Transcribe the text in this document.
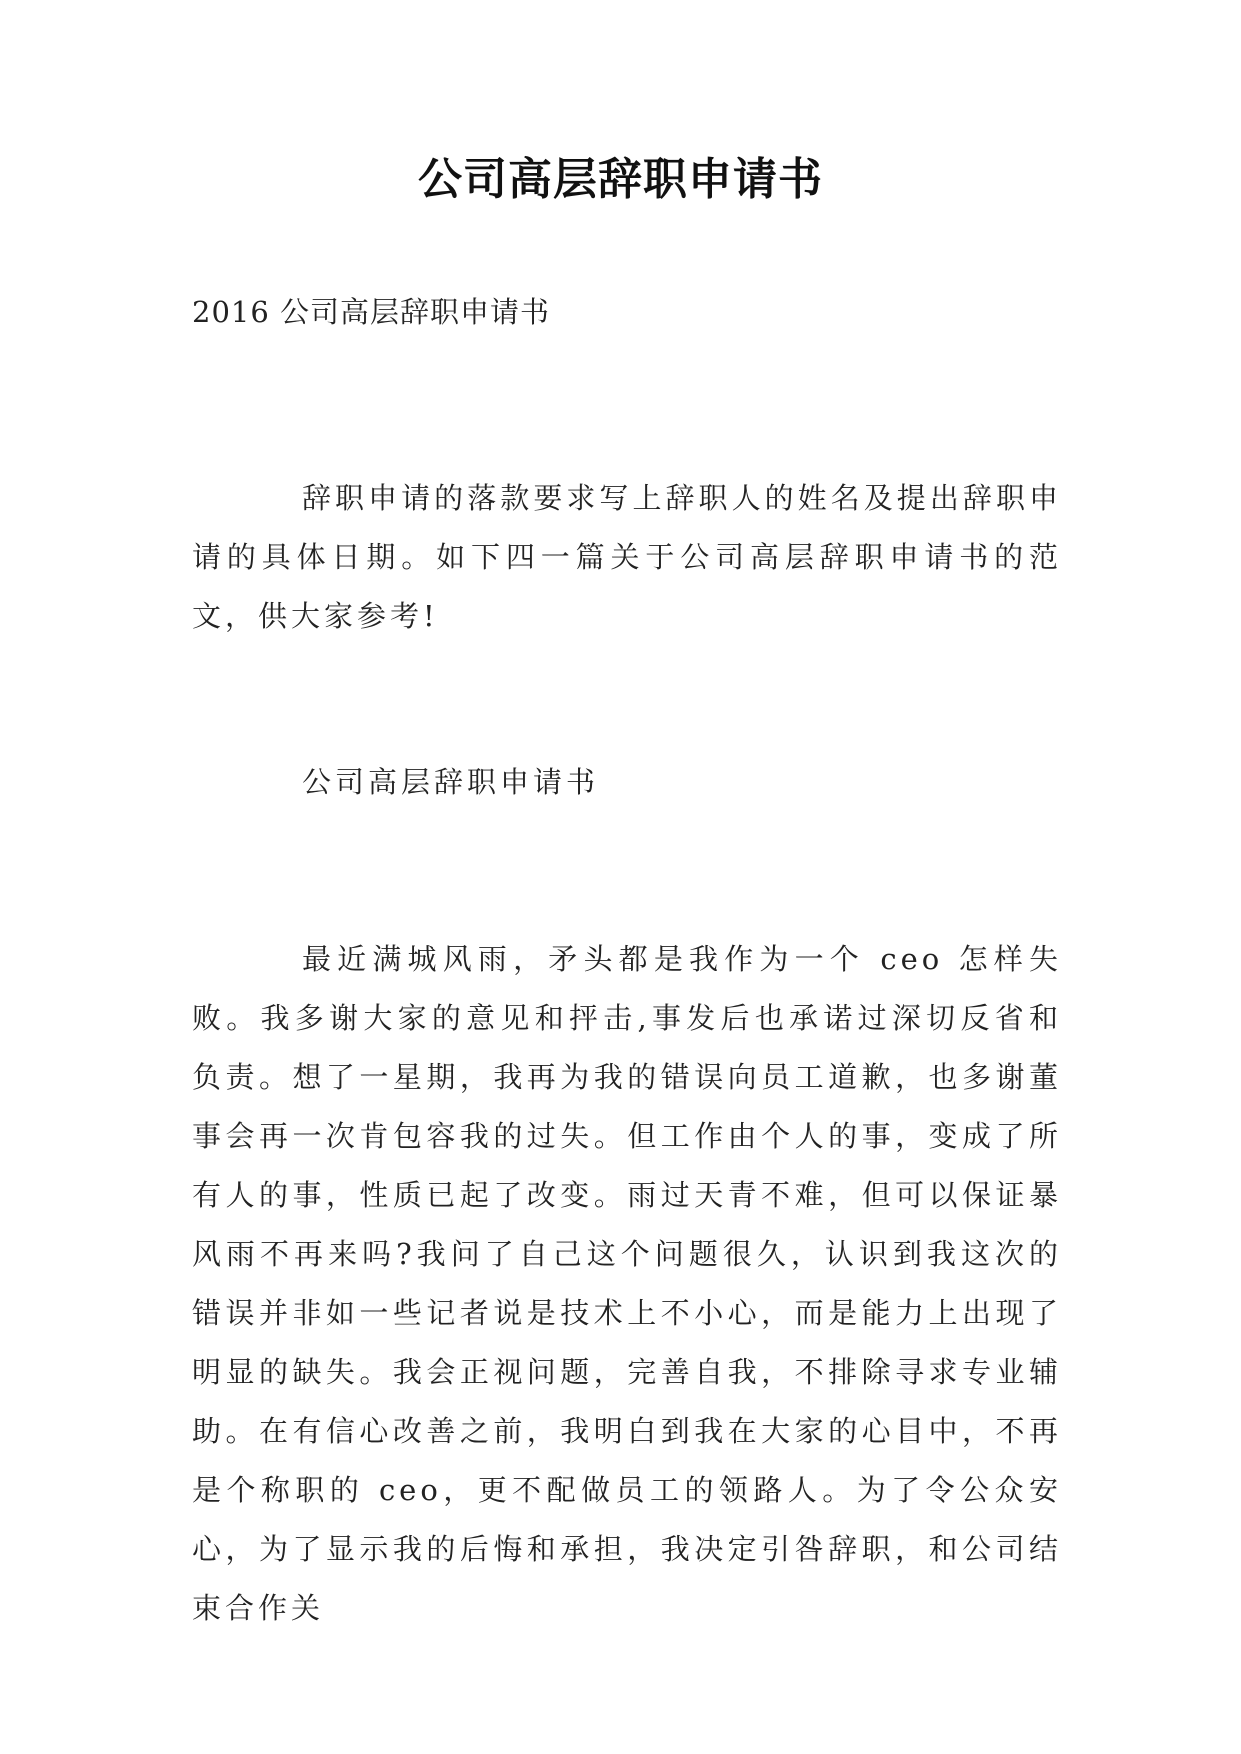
公司高层辞职申请书
2016 公司高层辞职申请书

辞职申请的落款要求写上辞职人的姓名及提出辞职申请的具体日期。如下四一篇关于公司高层辞职申请书的范文，供大家参考!

公司高层辞职申请书

最近满城风雨，矛头都是我作为一个 ceo 怎样失败。我多谢大家的意见和抨击,事发后也承诺过深切反省和负责。想了一星期，我再为我的错误向员工道歉，也多谢董事会再一次肯包容我的过失。但工作由个人的事，变成了所有人的事，性质已起了改变。雨过天青不难，但可以保证暴风雨不再来吗?我问了自己这个问题很久，认识到我这次的错误并非如一些记者说是技术上不小心，而是能力上出现了明显的缺失。我会正视问题，完善自我，不排除寻求专业辅助。在有信心改善之前，我明白到我在大家的心目中，不再是个称职的 ceo，更不配做员工的领路人。为了令公众安心，为了显示我的后悔和承担，我决定引咎辞职，和公司结束合作关
